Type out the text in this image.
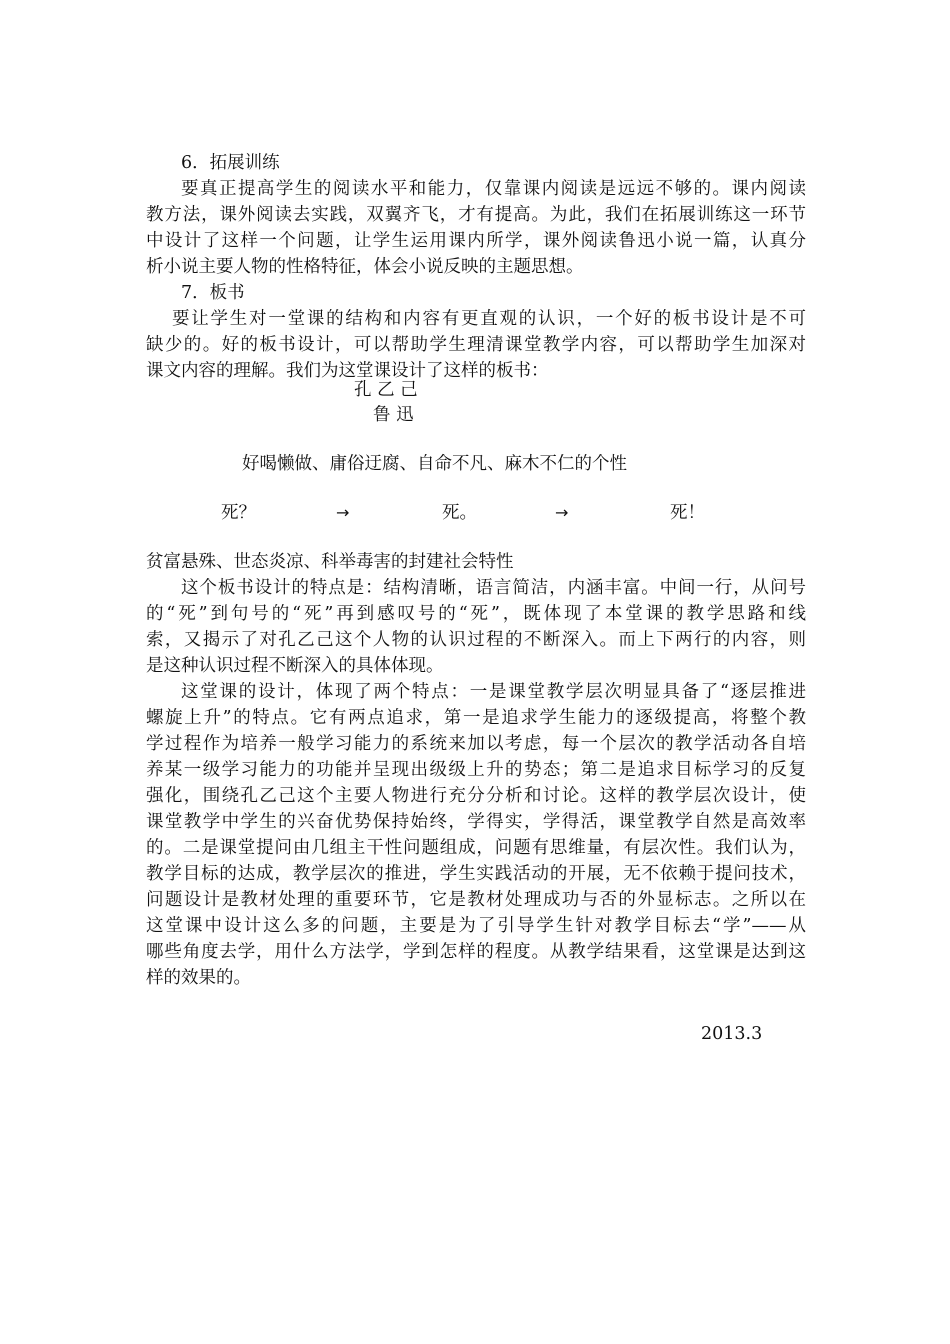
6．拓展训练
要真正提高学生的阅读水平和能力，仅靠课内阅读是远远不够的。课内阅读
教方法，课外阅读去实践，双翼齐飞，才有提高。为此，我们在拓展训练这一环节
中设计了这样一个问题，让学生运用课内所学，课外阅读鲁迅小说一篇，认真分
析小说主要人物的性格特征，体会小说反映的主题思想。
7．板书
要让学生对一堂课的结构和内容有更直观的认识，一个好的板书设计是不可
缺少的。好的板书设计，可以帮助学生理清课堂教学内容，可以帮助学生加深对
课文内容的理解。我们为这堂课设计了这样的板书：
孔 乙 己
鲁 迅
好喝懒做、庸俗迂腐、自命不凡、麻木不仁的个性
死？	→	死。	→	死！
贫富悬殊、世态炎凉、科举毒害的封建社会特性
这个板书设计的特点是：结构清晰，语言简洁，内涵丰富。中间一行，从问号
的“死”到句号的“死”再到感叹号的“死”，既体现了本堂课的教学思路和线
索，又揭示了对孔乙己这个人物的认识过程的不断深入。而上下两行的内容，则
是这种认识过程不断深入的具体体现。
这堂课的设计，体现了两个特点：一是课堂教学层次明显具备了“逐层推进
螺旋上升”的特点。它有两点追求，第一是追求学生能力的逐级提高，将整个教
学过程作为培养一般学习能力的系统来加以考虑，每一个层次的教学活动各自培
养某一级学习能力的功能并呈现出级级上升的势态；第二是追求目标学习的反复
强化，围绕孔乙己这个主要人物进行充分分析和讨论。这样的教学层次设计，使
课堂教学中学生的兴奋优势保持始终，学得实，学得活，课堂教学自然是高效率
的。二是课堂提问由几组主干性问题组成，问题有思维量，有层次性。我们认为，
教学目标的达成，教学层次的推进，学生实践活动的开展，无不依赖于提问技术，
问题设计是教材处理的重要环节，它是教材处理成功与否的外显标志。之所以在
这堂课中设计这么多的问题，主要是为了引导学生针对教学目标去“学”——从
哪些角度去学，用什么方法学，学到怎样的程度。从教学结果看，这堂课是达到这
样的效果的。
2013.3
